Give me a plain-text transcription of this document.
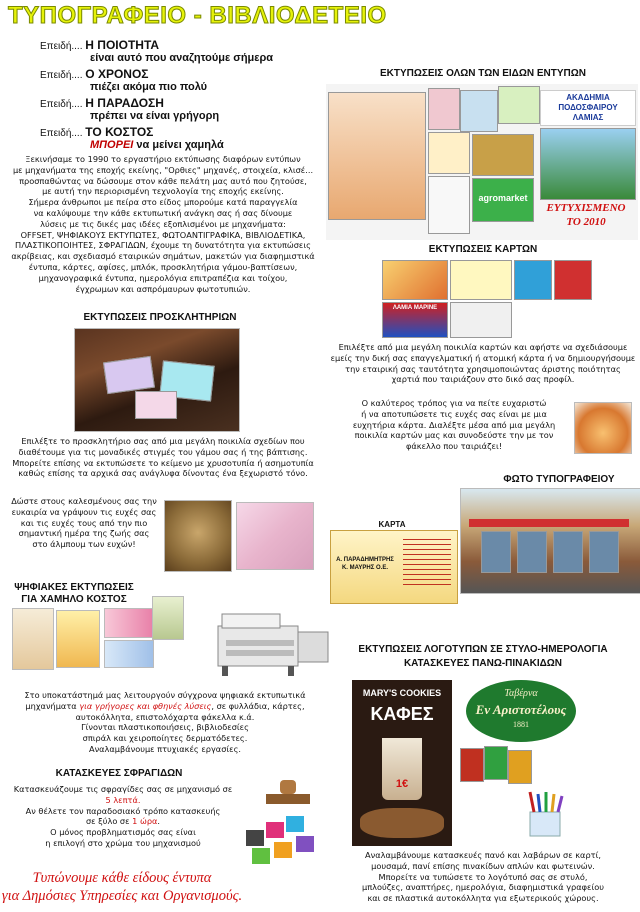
ΤΥΠΟΓΡΑΦΕΙΟ - ΒΙΒΛΙΟΔΕΤΕΙΟ
Επειδή.... Η ΠΟΙΟΤΗΤΑ
είναι αυτό που αναζητούμε σήμερα
Επειδή.... Ο ΧΡΟΝΟΣ
πιέζει ακόμα πιο πολύ
Επειδή.... Η ΠΑΡΑΔΟΣΗ
πρέπει να είναι γρήγορη
Επειδή.... ΤΟ ΚΟΣΤΟΣ
ΜΠΟΡΕΙ να μείνει χαμηλά
Ξεκινήσαμε το 1990 το εργαστήριο εκτύπωσης διαφόρων εντύπων
με μηχανήματα της εποχής εκείνης, "Ορθιες" μηχανές, στοιχεία, κλισέ...
προσπαθώντας να δώσουμε στον κάθε πελάτη μας αυτό που ζητούσε,
με αυτή την περιορισμένη τεχνολογία της εποχής εκείνης.
Σήμερα άνθρωποι με πείρα στο είδος μπορούμε κατά παραγγελία
να καλύψουμε την κάθε εκτυπωτική ανάγκη σας ή σας δίνουμε
λύσεις με τις δικές μας ιδέες εξοπλισμένοι με μηχανήματα:
OFFSET, ΨΗΦΙΑΚΟΥΣ ΕΚΤΥΠΩΤΕΣ, ΦΩΤΟΑΝΤΙΓΡΑΦΙΚΑ, ΒΙΒΛΙΟΔΕΤΙΚΑ,
ΠΛΑΣΤΙΚΟΠΟΙΗΤΕΣ, ΣΦΡΑΓΙΔΩΝ, έχουμε τη δυνατότητα για εκτυπώσεις
ακρίβειας, και σχεδιασμό εταιρικών σημάτων, μακετών για διαφημιστικά
έντυπα, κάρτες, αφίσες, μπλόκ, προσκλητήρια γάμου-βαπτίσεων,
μηχανογραφικά έντυπα, ημερολόγια επιτραπέζια και τοίχου,
έγχρωμων και ασπρόμαυρων φωτοτυπιών.
ΕΚΤΥΠΩΣΕΙΣ ΠΡΟΣΚΛΗΤΗΡΙΩΝ
Επιλέξτε το προσκλητήριο σας από μια μεγάλη ποικιλία σχεδίων που
διαθέτουμε για τις μοναδικές στιγμές του γάμου σας ή της βάπτισης.
Μπορείτε επίσης να εκτυπώσετε το κείμενο με χρυσοτυπία ή ασημοτυπία
καθώς επίσης τα αρχικά σας ανάγλυφα δίνοντας ένα ξεχωριστό τόνο.
Δώστε στους καλεσμένους σας την
ευκαιρία να γράψουν τις ευχές σας
και τις ευχές τους από την πιο
σημαντική ημέρα της ζωής σας
στο άλμπουμ των ευχών!
ΨΗΦΙΑΚΕΣ ΕΚΤΥΠΩΣΕΙΣ
ΓΙΑ ΧΑΜΗΛΟ ΚΟΣΤΟΣ
Στο υποκατάστημά μας λειτουργούν σύγχρονα ψηφιακά εκτυπωτικά
μηχανήματα για γρήγορες και φθηνές λύσεις, σε φυλλάδια, κάρτες,
αυτοκόλλητα, επιστολόχαρτα φάκελλα κ.ά.
Γίνονται πλαστικοποιήσεις, βιβλιοδεσίες
σπιράλ και χειροποίητες δερματόδετες.
Αναλαμβάνουμε πτυχιακές εργασίες.
ΚΑΤΑΣΚΕΥΕΣ ΣΦΡΑΓΙΔΩΝ
Κατασκευάζουμε τις σφραγίδες σας σε μηχανισμό σε
5 λεπτά.
Αν θέλετε τον παραδοσιακό τρόπο κατασκευής
σε ξύλο σε 1 ώρα.
Ο μόνος προβληματισμός σας είναι
η επιλογή στο χρώμα του μηχανισμού
Τυπώνουμε κάθε είδους έντυπα
για Δημόσιες Υπηρεσίες και Οργανισμούς.
ΕΚΤΥΠΩΣΕΙΣ ΟΛΩΝ ΤΩΝ ΕΙΔΩΝ ΕΝΤΥΠΩΝ
agromarket
ΑΚΑΔΗΜΙΑ
ΠΟΔΟΣΦΑΙΡΟΥ
ΛΑΜΙΑΣ
ΕΥΤΥΧΙΣΜΕΝΟ
ΤΟ 2010
ΕΚΤΥΠΩΣΕΙΣ ΚΑΡΤΩΝ
ΛΑΜΙΑ ΜΑΡΙΝΕ
Επιλέξτε από μια μεγάλη ποικιλία καρτών και αφήστε να σχεδιάσουμε
εμείς την δική σας επαγγελματική ή ατομική κάρτα ή να δημιουργήσουμε
την εταιρική σας ταυτότητα χρησιμοποιώντας άριστης ποιότητας
χαρτιά που ταιριάζουν στο δικό σας προφίλ.
Ο καλύτερος τρόπος για να πείτε ευχαριστώ
ή να αποτυπώσετε τις ευχές σας είναι με μια
ευχητήρια κάρτα. Διαλέξτε μέσα από μια μεγάλη
ποικιλία καρτών μας και συνοδεύστε την με τον
φάκελλο που ταιριάζει!
ΦΩΤΟ ΤΥΠΟΓΡΑΦΕΙΟΥ
ΚΑΡΤΑ
Α. ΠΑΡΑΔΗΜΗΤΡΗΣ
Κ. ΜΑΥΡΗΣ Ο.Ε.
ΕΚΤΥΠΩΣΕΙΣ ΛΟΓΟΤΥΠΩΝ ΣΕ ΣΤΥΛΟ-ΗΜΕΡΟΛΟΓΙΑ
ΚΑΤΑΣΚΕΥΕΣ ΠΑΝΩ-ΠΙΝΑΚΙΔΩΝ
MARY'S COOKIES
ΚΑΦΕΣ
1€
Ταβέρνα
Εν Αριστοτέλους
1881
Αναλαμβάνουμε κατασκευές πανό και λαβάρων σε καρτί,
μουσαμά, πανί επίσης πινακίδων απλών και φωτεινών.
Μπορείτε να τυπώσετε το λογότυπό σας σε στυλό,
μπλούζες, αναπτήρες, ημερολόγια, διαφημιστικά γραφείου
και σε πλαστικά αυτοκόλλητα για εξωτερικούς χώρους.
